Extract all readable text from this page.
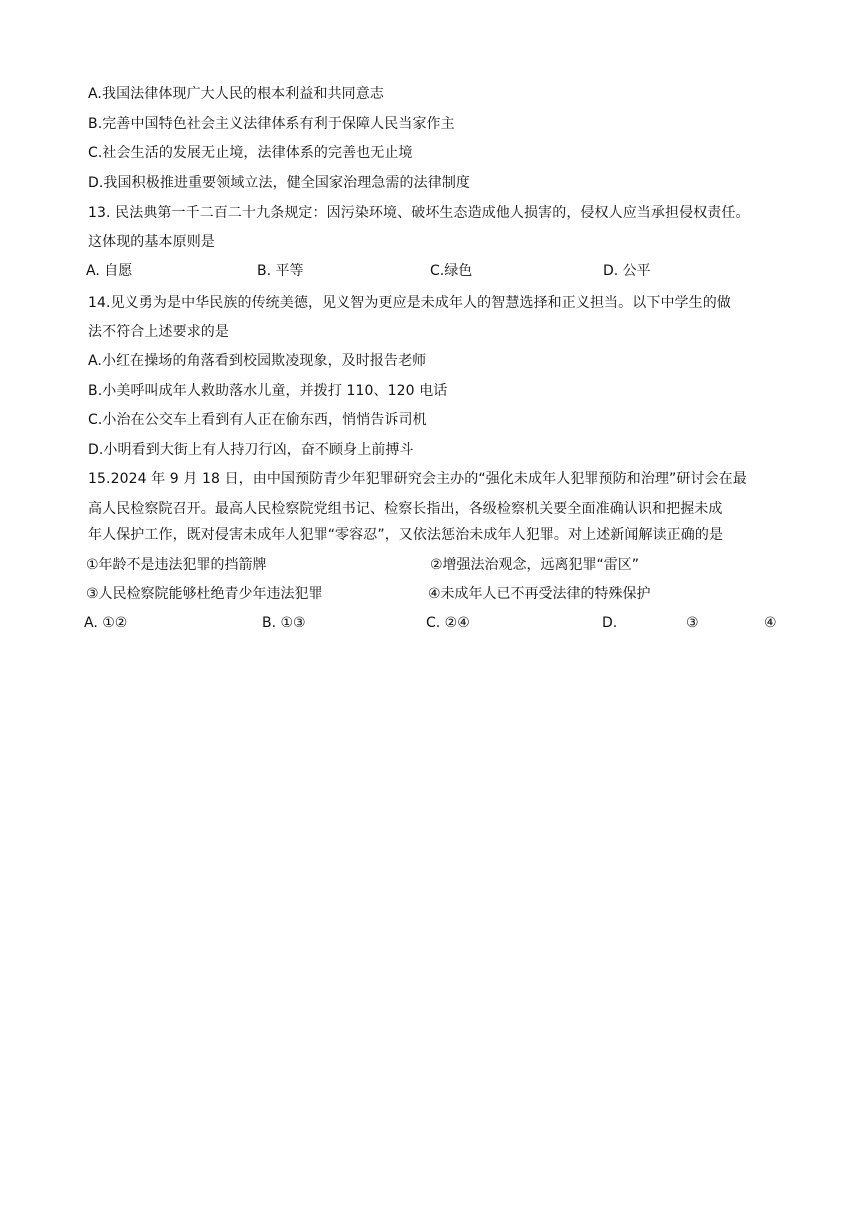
A.我国法律体现广大人民的根本利益和共同意志
B.完善中国特色社会主义法律体系有利于保障人民当家作主
C.社会生活的发展无止境，法律体系的完善也无止境
D.我国积极推进重要领域立法，健全国家治理急需的法律制度
13. 民法典第一千二百二十九条规定：因污染环境、破坏生态造成他人损害的，侵权人应当承担侵权责任。
这体现的基本原则是
A. 自愿	B. 平等	C.绿色	D. 公平
14.见义勇为是中华民族的传统美德，见义智为更应是未成年人的智慧选择和正义担当。以下中学生的做
法不符合上述要求的是
A.小红在操场的角落看到校园欺凌现象，及时报告老师
B.小美呼叫成年人救助落水儿童，并拨打 110、120 电话
C.小治在公交车上看到有人正在偷东西，悄悄告诉司机
D.小明看到大街上有人持刀行凶，奋不顾身上前搏斗
15.2024 年 9 月 18 日，由中国预防青少年犯罪研究会主办的“强化未成年人犯罪预防和治理”研讨会在最
高人民检察院召开。最高人民检察院党组书记、检察长指出，各级检察机关要全面准确认识和把握未成
年人保护工作，既对侵害未成年人犯罪“零容忍”，又依法惩治未成年人犯罪。对上述新闻解读正确的是
①年龄不是违法犯罪的挡箭牌	②增强法治观念，远离犯罪“雷区”
③人民检察院能够杜绝青少年违法犯罪	④未成年人已不再受法律的特殊保护
A. ①②	B. ①③	C. ②④	D.	③	④
